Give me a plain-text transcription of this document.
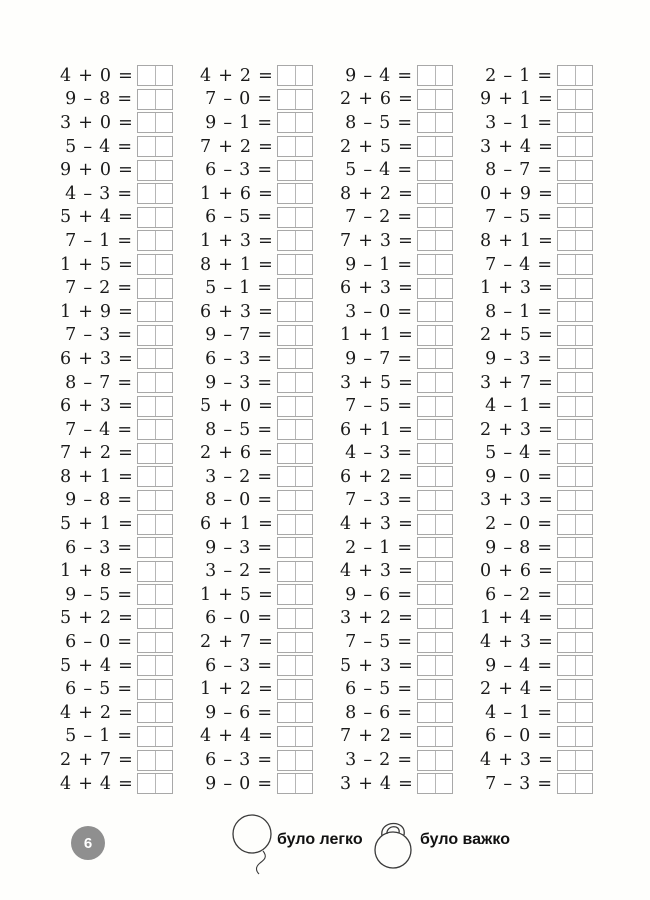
4 + 0 =
9 – 8 =
3 + 0 =
5 – 4 =
9 + 0 =
4 – 3 =
5 + 4 =
7 – 1 =
1 + 5 =
7 – 2 =
1 + 9 =
7 – 3 =
6 + 3 =
8 – 7 =
6 + 3 =
7 – 4 =
7 + 2 =
8 + 1 =
9 – 8 =
5 + 1 =
6 – 3 =
1 + 8 =
9 – 5 =
5 + 2 =
6 – 0 =
5 + 4 =
6 – 5 =
4 + 2 =
5 – 1 =
2 + 7 =
4 + 4 =
4 + 2 =
7 – 0 =
9 – 1 =
7 + 2 =
6 – 3 =
1 + 6 =
6 – 5 =
1 + 3 =
8 + 1 =
5 – 1 =
6 + 3 =
9 – 7 =
6 – 3 =
9 – 3 =
5 + 0 =
8 – 5 =
2 + 6 =
3 – 2 =
8 – 0 =
6 + 1 =
9 – 3 =
3 – 2 =
1 + 5 =
6 – 0 =
2 + 7 =
6 – 3 =
1 + 2 =
9 – 6 =
4 + 4 =
6 – 3 =
9 – 0 =
9 – 4 =
2 + 6 =
8 – 5 =
2 + 5 =
5 – 4 =
8 + 2 =
7 – 2 =
7 + 3 =
9 – 1 =
6 + 3 =
3 – 0 =
1 + 1 =
9 – 7 =
3 + 5 =
7 – 5 =
6 + 1 =
4 – 3 =
6 + 2 =
7 – 3 =
4 + 3 =
2 – 1 =
4 + 3 =
9 – 6 =
3 + 2 =
7 – 5 =
5 + 3 =
6 – 5 =
8 – 6 =
7 + 2 =
3 – 2 =
3 + 4 =
2 – 1 =
9 + 1 =
3 – 1 =
3 + 4 =
8 – 7 =
0 + 9 =
7 – 5 =
8 + 1 =
7 – 4 =
1 + 3 =
8 – 1 =
2 + 5 =
9 – 3 =
3 + 7 =
4 – 1 =
2 + 3 =
5 – 4 =
9 – 0 =
3 + 3 =
2 – 0 =
9 – 8 =
0 + 6 =
6 – 2 =
1 + 4 =
4 + 3 =
9 – 4 =
2 + 4 =
4 – 1 =
6 – 0 =
4 + 3 =
7 – 3 =
6	було легко	було важко
